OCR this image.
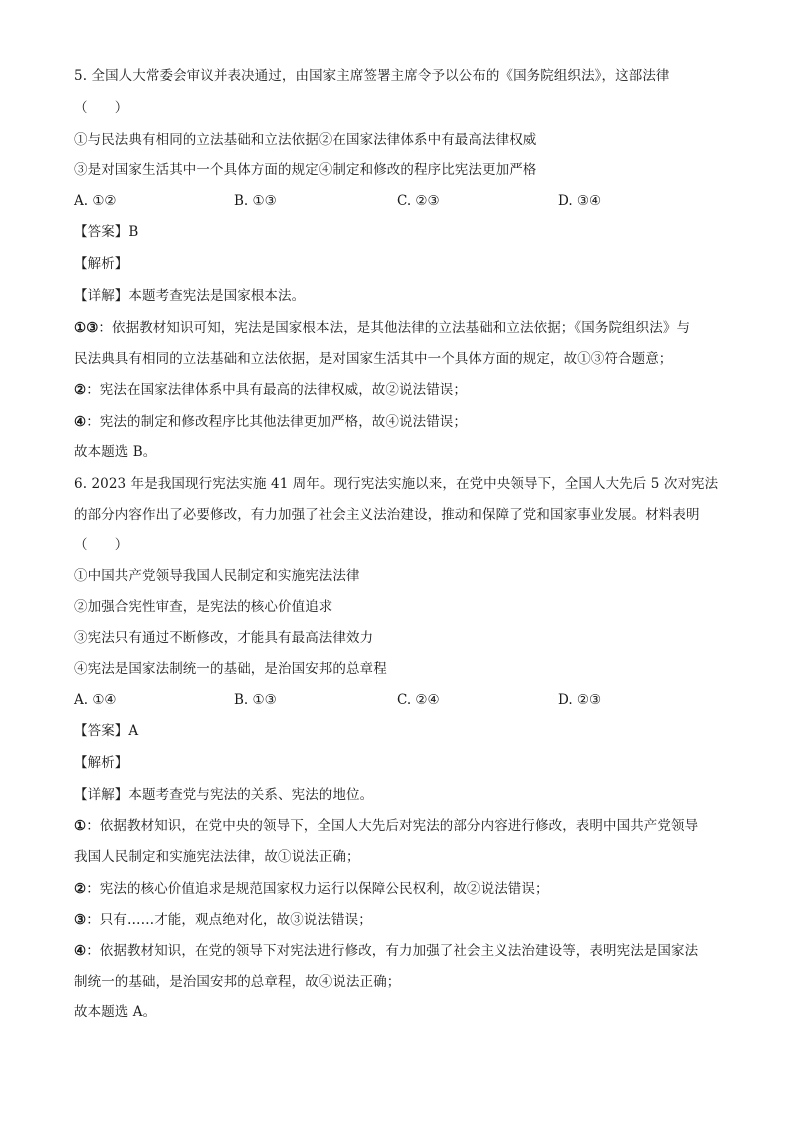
5. 全国人大常委会审议并表决通过，由国家主席签署主席令予以公布的《国务院组织法》，这部法律
（　　）
①与民法典有相同的立法基础和立法依据②在国家法律体系中有最高法律权威
③是对国家生活其中一个具体方面的规定④制定和修改的程序比宪法更加严格
A. ①②	B. ①③	C. ②③	D. ③④
【答案】B
【解析】
【详解】本题考查宪法是国家根本法。
①③：依据教材知识可知，宪法是国家根本法，是其他法律的立法基础和立法依据；《国务院组织法》与
民法典具有相同的立法基础和立法依据，是对国家生活其中一个具体方面的规定，故①③符合题意；
②：宪法在国家法律体系中具有最高的法律权威，故②说法错误；
④：宪法的制定和修改程序比其他法律更加严格，故④说法错误；
故本题选 B。
6. 2023 年是我国现行宪法实施 41 周年。现行宪法实施以来，在党中央领导下，全国人大先后 5 次对宪法
的部分内容作出了必要修改，有力加强了社会主义法治建设，推动和保障了党和国家事业发展。材料表明
（　　）
①中国共产党领导我国人民制定和实施宪法法律
②加强合宪性审查，是宪法的核心价值追求
③宪法只有通过不断修改，才能具有最高法律效力
④宪法是国家法制统一的基础，是治国安邦的总章程
A. ①④	B. ①③	C. ②④	D. ②③
【答案】A
【解析】
【详解】本题考查党与宪法的关系、宪法的地位。
①：依据教材知识，在党中央的领导下，全国人大先后对宪法的部分内容进行修改，表明中国共产党领导
我国人民制定和实施宪法法律，故①说法正确；
②：宪法的核心价值追求是规范国家权力运行以保障公民权利，故②说法错误；
③：只有……才能，观点绝对化，故③说法错误；
④：依据教材知识，在党的领导下对宪法进行修改，有力加强了社会主义法治建设等，表明宪法是国家法
制统一的基础，是治国安邦的总章程，故④说法正确；
故本题选 A。
